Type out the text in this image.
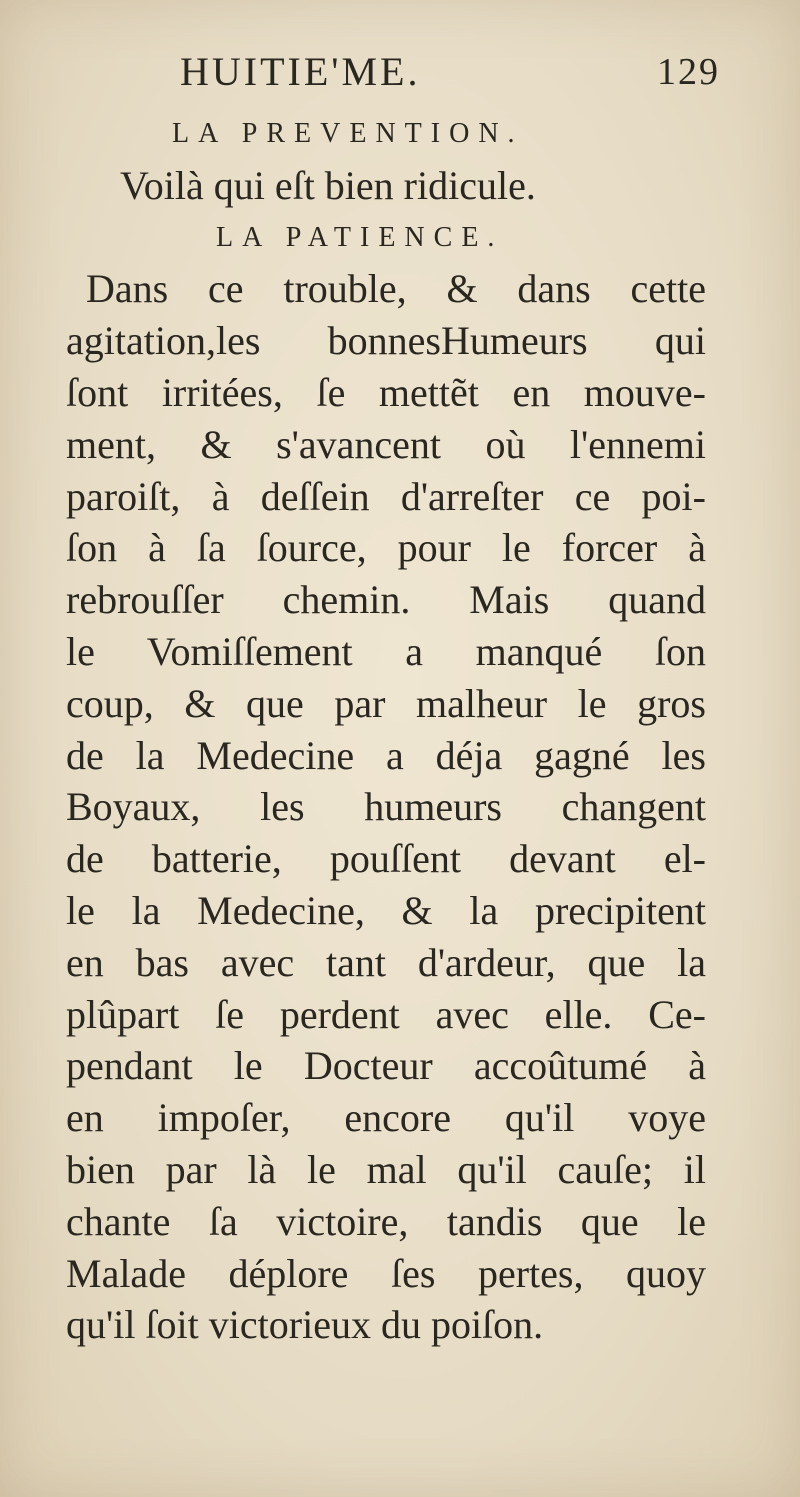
HUITIE'ME.	129
LA PREVENTION.
Voilà qui eſt bien ridicule.
LA PATIENCE.
Dans ce trouble, & dans cette
agitation,les bonnesHumeurs qui
ſont irritées, ſe mettẽt en mouve-
ment, & s'avancent où l'ennemi
paroiſt, à deſſein d'arreſter ce poi-
ſon à ſa ſource, pour le forcer à
rebrouſſer chemin. Mais quand
le Vomiſſement a manqué ſon
coup, & que par malheur le gros
de la Medecine a déja gagné les
Boyaux, les humeurs changent
de batterie, pouſſent devant el-
le la Medecine, & la precipitent
en bas avec tant d'ardeur, que la
plûpart ſe perdent avec elle. Ce-
pendant le Docteur accoûtumé à
en impoſer, encore qu'il voye
bien par là le mal qu'il cauſe; il
chante ſa victoire, tandis que le
Malade déplore ſes pertes, quoy
qu'il ſoit victorieux du poiſon.
